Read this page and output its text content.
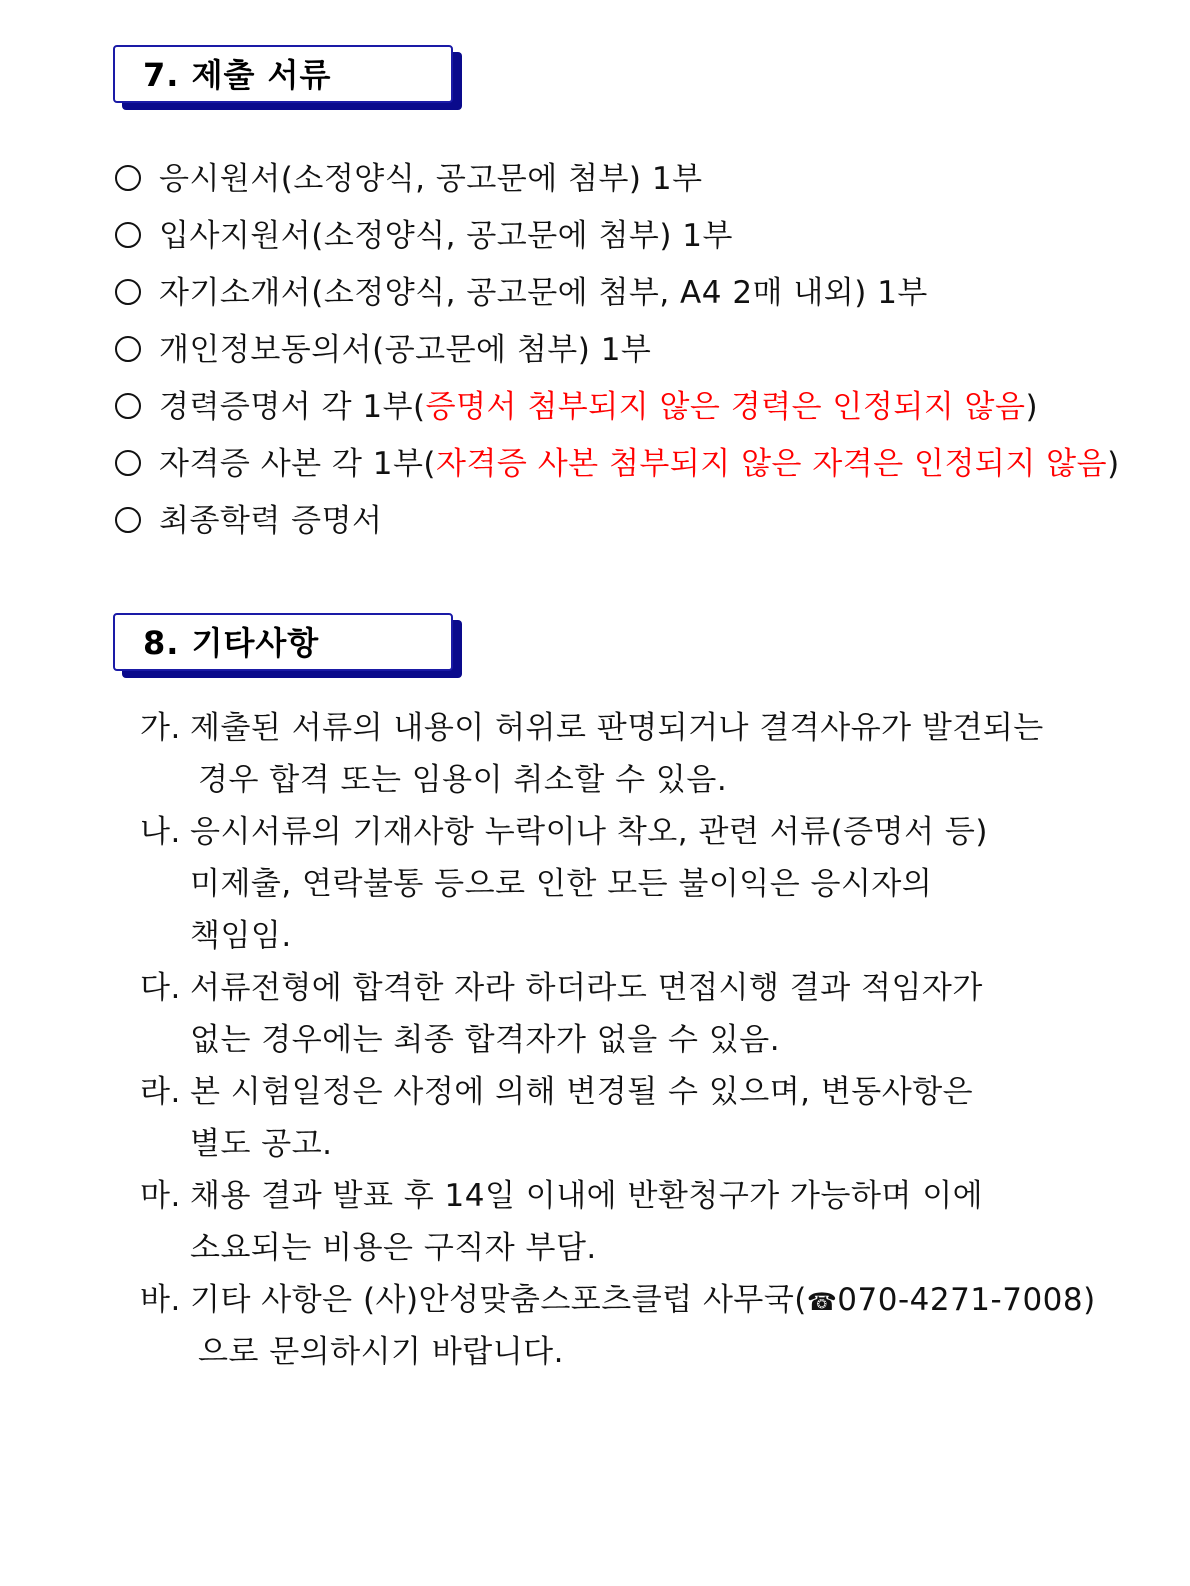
7. 제출 서류
응시원서(소정양식, 공고문에 첨부) 1부
입사지원서(소정양식, 공고문에 첨부) 1부
자기소개서(소정양식, 공고문에 첨부, A4 2매 내외) 1부
개인정보동의서(공고문에 첨부) 1부
경력증명서 각 1부(증명서 첨부되지 않은 경력은 인정되지 않음)
자격증 사본 각 1부(자격증 사본 첨부되지 않은 자격은 인정되지 않음)
최종학력 증명서
8. 기타사항
가. 제출된 서류의 내용이 허위로 판명되거나 결격사유가 발견되는
경우 합격 또는 임용이 취소할 수 있음.
나. 응시서류의 기재사항 누락이나 착오, 관련 서류(증명서 등)
미제출, 연락불통 등으로 인한 모든 불이익은 응시자의
책임임.
다. 서류전형에 합격한 자라 하더라도 면접시행 결과 적임자가
없는 경우에는 최종 합격자가 없을 수 있음.
라. 본 시험일정은 사정에 의해 변경될 수 있으며, 변동사항은
별도 공고.
마. 채용 결과 발표 후 14일 이내에 반환청구가 가능하며 이에
소요되는 비용은 구직자 부담.
바. 기타 사항은 (사)안성맞춤스포츠클럽 사무국(☎070-4271-7008)
으로 문의하시기 바랍니다.
